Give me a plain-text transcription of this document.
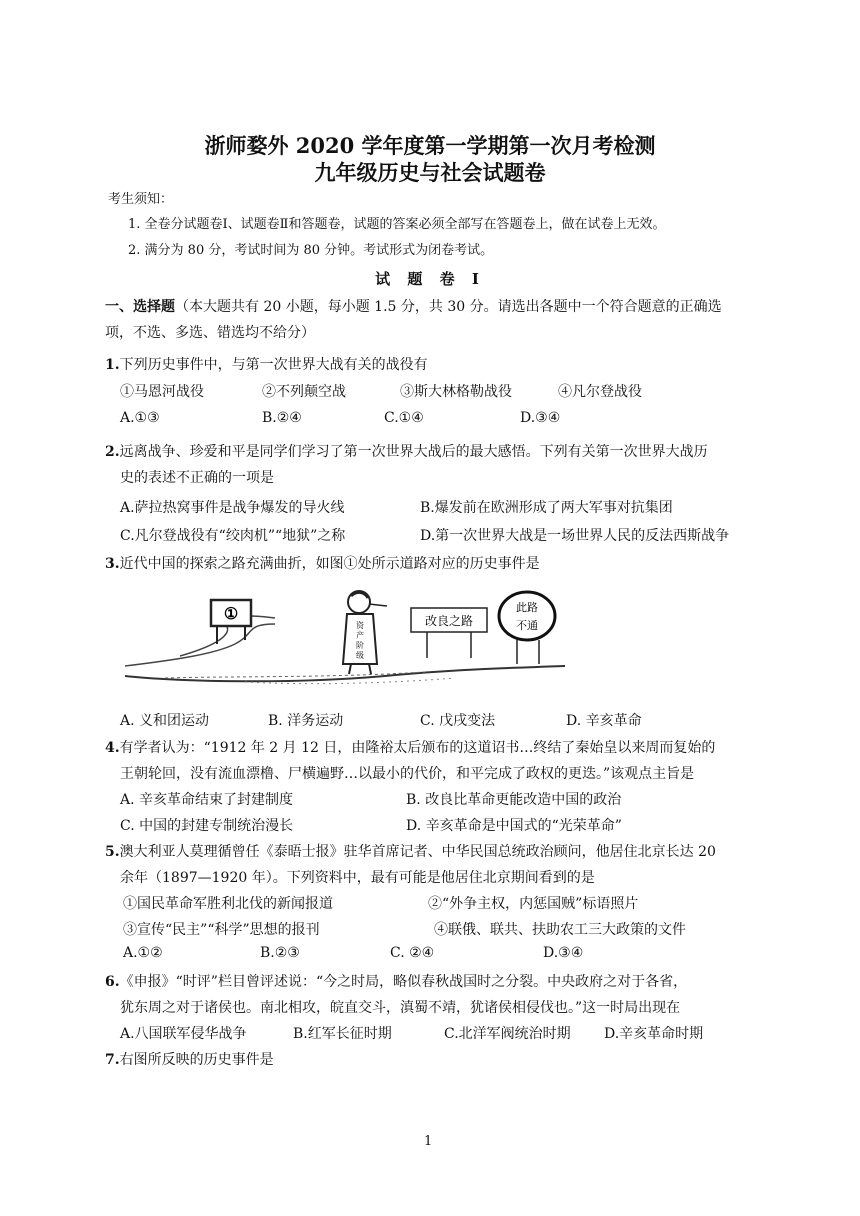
浙师婺外 2020 学年度第一学期第一次月考检测
九年级历史与社会试题卷
考生须知：
1. 全卷分试题卷Ⅰ、试题卷Ⅱ和答题卷，试题的答案必须全部写在答题卷上，做在试卷上无效。
2. 满分为 80 分，考试时间为 80 分钟。考试形式为闭卷考试。
试 题 卷 Ⅰ
一、选择题（本大题共有 20 小题，每小题 1.5 分，共 30 分。请选出各题中一个符合题意的正确选
项，不选、多选、错选均不给分）
1.下列历史事件中，与第一次世界大战有关的战役有
①马恩河战役	②不列颠空战	③斯大林格勒战役	④凡尔登战役
A.①③	B.②④	C.①④	D.③④
2.远离战争、珍爱和平是同学们学习了第一次世界大战后的最大感悟。下列有关第一次世界大战历
史的表述不正确的一项是
A.萨拉热窝事件是战争爆发的导火线	B.爆发前在欧洲形成了两大军事对抗集团
C.凡尔登战役有“绞肉机”“地狱”之称	D.第一次世界大战是一场世界人民的反法西斯战争
3.近代中国的探索之路充满曲折，如图①处所示道路对应的历史事件是
①
资
产
阶
级
改良之路
此路
不通
A. 义和团运动	B. 洋务运动	C. 戊戌变法	D. 辛亥革命
4.有学者认为：“1912 年 2 月 12 日，由隆裕太后颁布的这道诏书…终结了秦始皇以来周而复始的
王朝轮回，没有流血漂橹、尸横遍野…以最小的代价，和平完成了政权的更迭。”该观点主旨是
A. 辛亥革命结束了封建制度	B. 改良比革命更能改造中国的政治
C. 中国的封建专制统治漫长	D. 辛亥革命是中国式的“光荣革命”
5.澳大利亚人莫理循曾任《泰晤士报》驻华首席记者、中华民国总统政治顾问，他居住北京长达 20
余年（1897—1920 年）。下列资料中，最有可能是他居住北京期间看到的是
①国民革命军胜利北伐的新闻报道	②“外争主权，内惩国贼”标语照片
③宣传“民主”“科学”思想的报刊	④联俄、联共、扶助农工三大政策的文件
A.①②	B.②③	C. ②④	D.③④
6.《申报》“时评”栏目曾评述说：“今之时局，略似春秋战国时之分裂。中央政府之对于各省，
犹东周之对于诸侯也。南北相攻，皖直交斗，滇蜀不靖，犹诸侯相侵伐也。”这一时局出现在
A.八国联军侵华战争	B.红军长征时期	C.北洋军阀统治时期 D.辛亥革命时期
7.右图所反映的历史事件是
1
